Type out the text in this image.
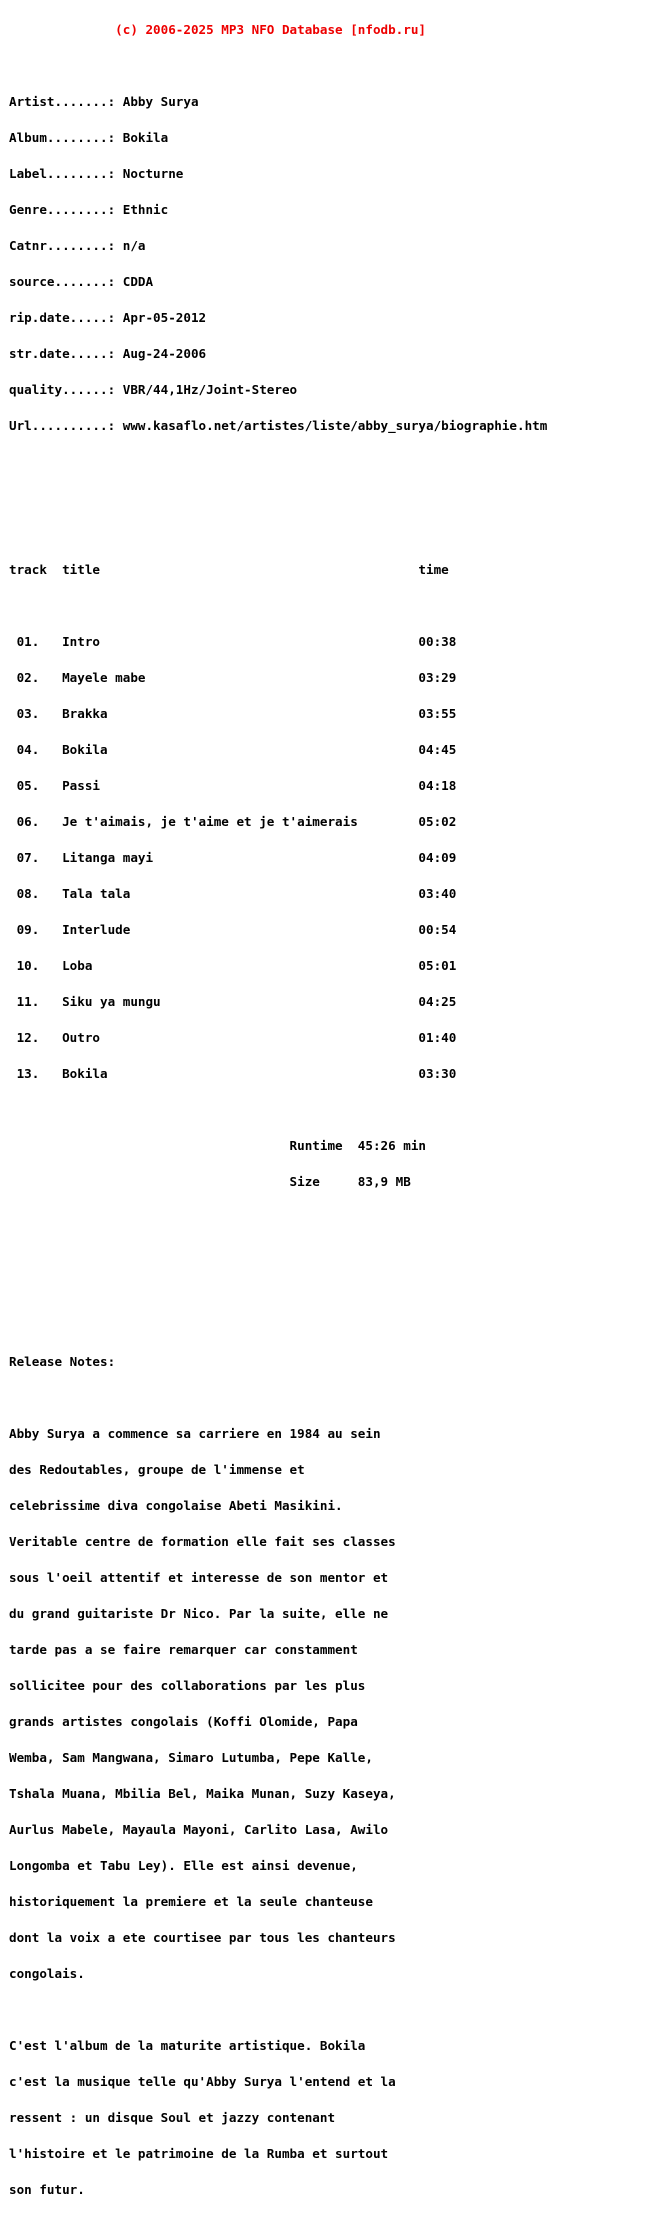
(c) 2006-2025 MP3 NFO Database [nfodb.ru]

Artist.......: Abby Surya

Album........: Bokila

Label........: Nocturne

Genre........: Ethnic

Catnr........: n/a

source.......: CDDA

rip.date.....: Apr-05-2012

str.date.....: Aug-24-2006

quality......: VBR/44,1Hz/Joint-Stereo

Url..........: www.kasaflo.net/artistes/liste/abby_surya/biographie.htm

track  title                                          time

01.   Intro                                          00:38

02.   Mayele mabe                                    03:29

03.   Brakka                                         03:55

04.   Bokila                                         04:45

05.   Passi                                          04:18

06.   Je t'aimais, je t'aime et je t'aimerais        05:02

07.   Litanga mayi                                   04:09

08.   Tala tala                                      03:40

09.   Interlude                                      00:54

10.   Loba                                           05:01

11.   Siku ya mungu                                  04:25

12.   Outro                                          01:40

13.   Bokila                                         03:30

Runtime  45:26 min

Size     83,9 MB

Release Notes:

Abby Surya a commence sa carriere en 1984 au sein

des Redoutables, groupe de l'immense et

celebrissime diva congolaise Abeti Masikini.

Veritable centre de formation elle fait ses classes

sous l'oeil attentif et interesse de son mentor et

du grand guitariste Dr Nico. Par la suite, elle ne

tarde pas a se faire remarquer car constamment

sollicitee pour des collaborations par les plus

grands artistes congolais (Koffi Olomide, Papa

Wemba, Sam Mangwana, Simaro Lutumba, Pepe Kalle,

Tshala Muana, Mbilia Bel, Maika Munan, Suzy Kaseya,

Aurlus Mabele, Mayaula Mayoni, Carlito Lasa, Awilo

Longomba et Tabu Ley). Elle est ainsi devenue,

historiquement la premiere et la seule chanteuse

dont la voix a ete courtisee par tous les chanteurs

congolais.

C'est l'album de la maturite artistique. Bokila

c'est la musique telle qu'Abby Surya l'entend et la

ressent : un disque Soul et jazzy contenant

l'histoire et le patrimoine de la Rumba et surtout

son futur.
